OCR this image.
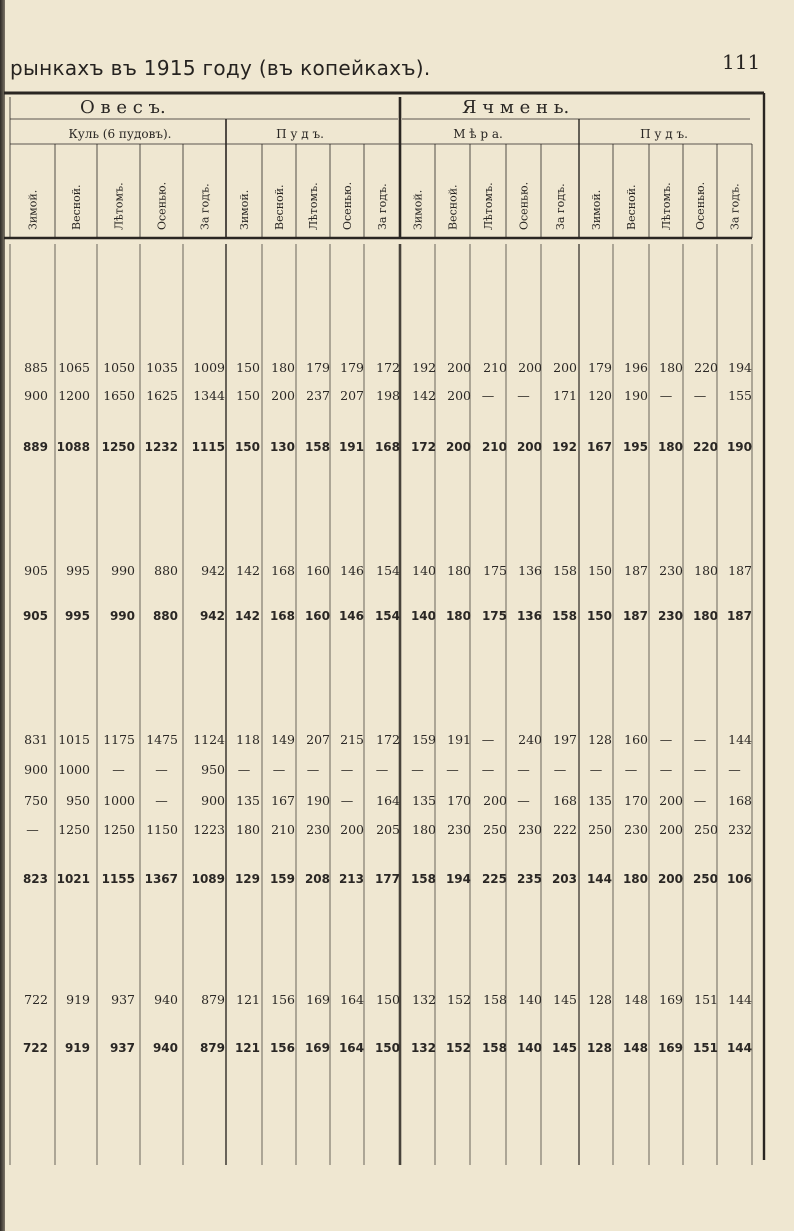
рынкахъ въ 1915 году (въ копейкахъ).	111
О в е с ъ.	Я ч м е н ь.
Куль (6 пудовъ).	П у д ъ.	М ѣ р а.	П у д ъ.
Зимой.	Весной.	Лѣтомъ.	Осенью.	За годъ. Зимой. Весной. Лѣтомъ. Осенью. За годъ. Зимой. Весной. Лѣтомъ. Осенью. За годъ. Зимой. Весной. Лѣтомъ. Осенью. За годъ.
885 1065 1050 1035 1009 150 180 179 179 172 192 200 210 200 200 179 196 180 220 194
900 1200 1650 1625 1344 150 200 237 207 198 142 200 — — 171 120 190 — — 155
889 1088 1250 1232 1115 150 130 158 191 168 172 200 210 200 192 167 195 180 220 190
905 995 990 880 942 142 168 160 146 154 140 180 175 136 158 150 187 230 180 187
905 995 990 880 942 142 168 160 146 154 140 180 175 136 158 150 187 230 180 187
831 1015 1175 1475 1124 118 149 207 215 172 159 191 — 240 197 128 160 — — 144
900 1000 — —	950 — — — — — — — — — — — — — — —
750 950 1000 —	900 135 167 190 — 164 135 170 200 — 168 135 170 200 — 168
— 1250 1250 1150 1223 180 210 230 200 205 180 230 250 230 222 250 230 200 250 232
823 1021 1155 1367 1089 129 159 208 213 177 158 194 225 235 203 144 180 200 250 106
722 919 937 940 879 121 156 169 164 150 132 152 158 140 145 128 148 169 151 144
722 919 937 940 879 121 156 169 164 150 132 152 158 140 145 128 148 169 151 144
